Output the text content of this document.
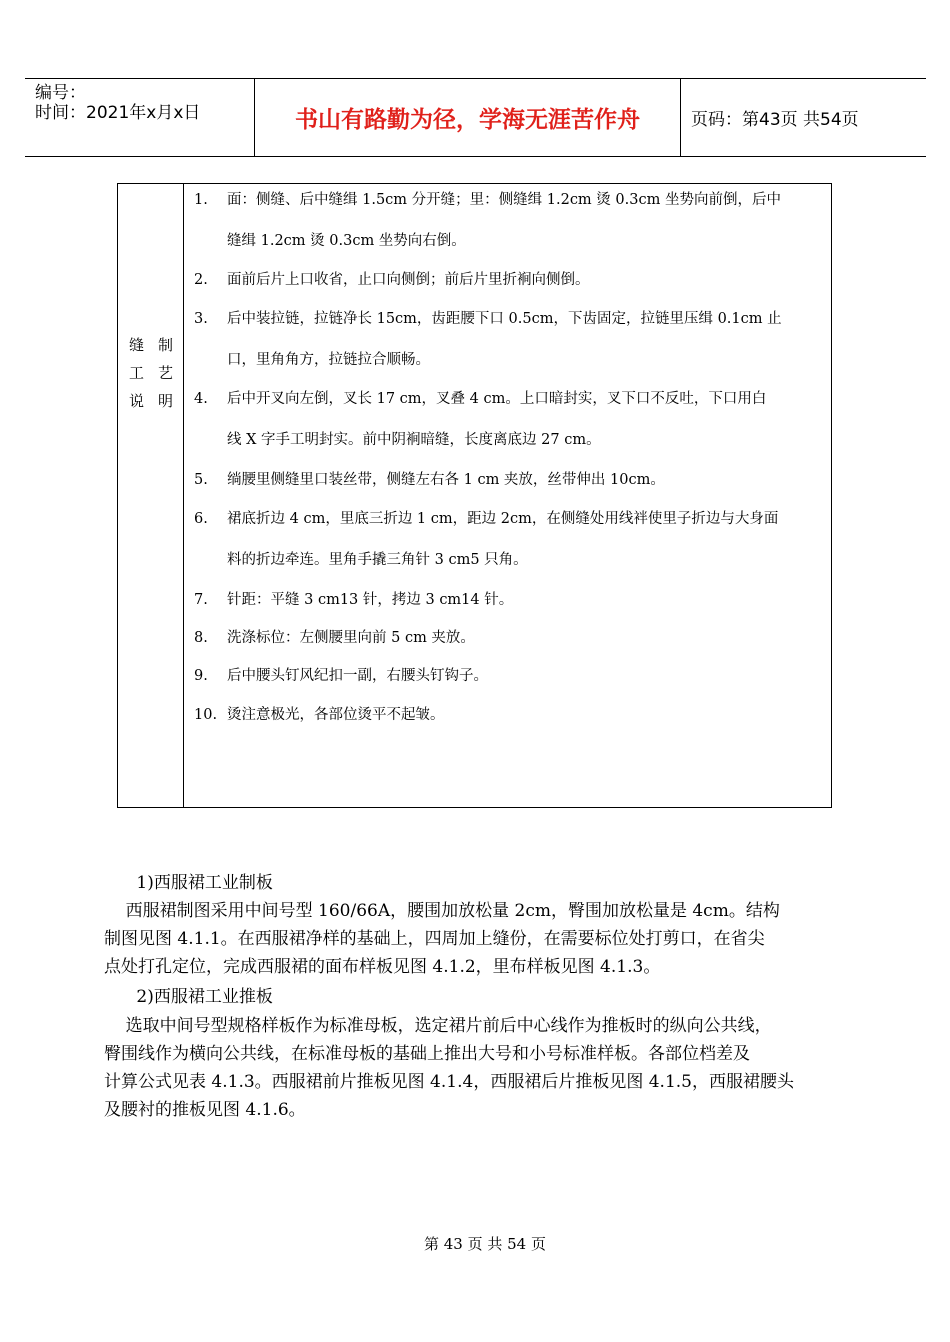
编号：
时间：2021年x月x日	书山有路勤为径，学海无涯苦作舟	页码：第43页 共54页
缝 制
工 艺
说 明
1. 面：侧缝、后中缝缉 1.5cm 分开缝；里：侧缝缉 1.2cm 烫 0.3cm 坐势向前倒，后中
缝缉 1.2cm 烫 0.3cm 坐势向右倒。
2. 面前后片上口收省，止口向侧倒；前后片里折裥向侧倒。
3. 后中装拉链，拉链净长 15cm，齿距腰下口 0.5cm，下齿固定，拉链里压缉 0.1cm 止
口，里角角方，拉链拉合顺畅。
4. 后中开叉向左倒，叉长 17 cm，叉叠 4 cm。上口暗封实，叉下口不反吐，下口用白
线 X 字手工明封实。前中阴裥暗缝，长度离底边 27 cm。
5. 绱腰里侧缝里口装丝带，侧缝左右各 1 cm 夹放，丝带伸出 10cm。
6. 裙底折边 4 cm，里底三折边 1 cm，距边 2cm，在侧缝处用线袢使里子折边与大身面
料的折边牵连。里角手撬三角针 3 cm5 只角。
7. 针距：平缝 3 cm13 针，拷边 3 cm14 针。
8. 洗涤标位：左侧腰里向前 5 cm 夹放。
9. 后中腰头钉风纪扣一副，右腰头钉钩子。
10. 烫注意极光，各部位烫平不起皱。
1)西服裙工业制板
西服裙制图采用中间号型 160/66A，腰围加放松量 2cm，臀围加放松量是 4cm。结构
制图见图 4.1.1。在西服裙净样的基础上，四周加上缝份，在需要标位处打剪口，在省尖
点处打孔定位，完成西服裙的面布样板见图 4.1.2，里布样板见图 4.1.3。
2)西服裙工业推板
选取中间号型规格样板作为标准母板，选定裙片前后中心线作为推板时的纵向公共线，
臀围线作为横向公共线，在标准母板的基础上推出大号和小号标准样板。各部位档差及
计算公式见表 4.1.3。西服裙前片推板见图 4.1.4，西服裙后片推板见图 4.1.5，西服裙腰头
及腰衬的推板见图 4.1.6。
第 43 页 共 54 页
